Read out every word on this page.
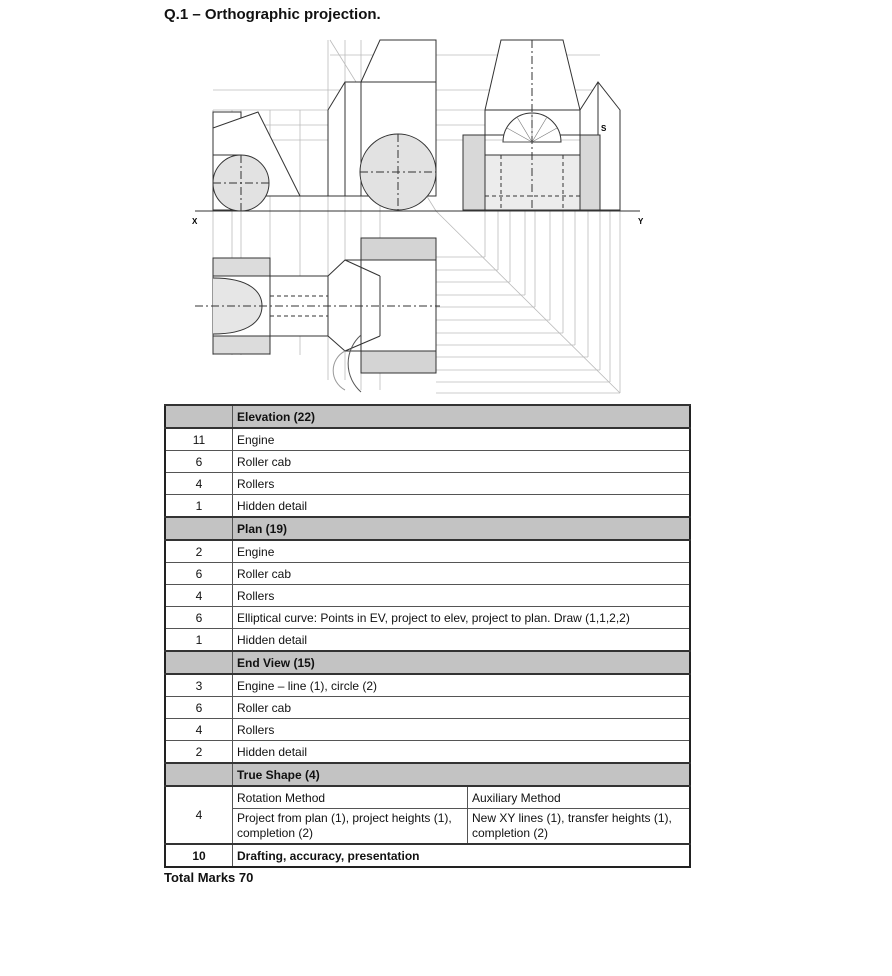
Q.1 – Orthographic projection.
X	Y
S
	Elevation (22)	
11	Engine	
6	Roller cab	
4	Rollers	
1	Hidden detail	
	Plan (19)	
2	Engine	
6	Roller cab	
4	Rollers	
6	Elliptical curve: Points in EV, project to elev, project to plan. Draw (1,1,2,2)	
1	Hidden detail	
	End View (15)	
3	Engine – line (1), circle (2)	
6	Roller cab	
4	Rollers	
2	Hidden detail	
	True Shape (4)	
4	Rotation Method	Auxiliary Method
	Project from plan (1), project heights (1), completion (2)	New XY lines (1), transfer heights (1), completion (2)
10	Drafting, accuracy, presentation	
Total Marks 70
